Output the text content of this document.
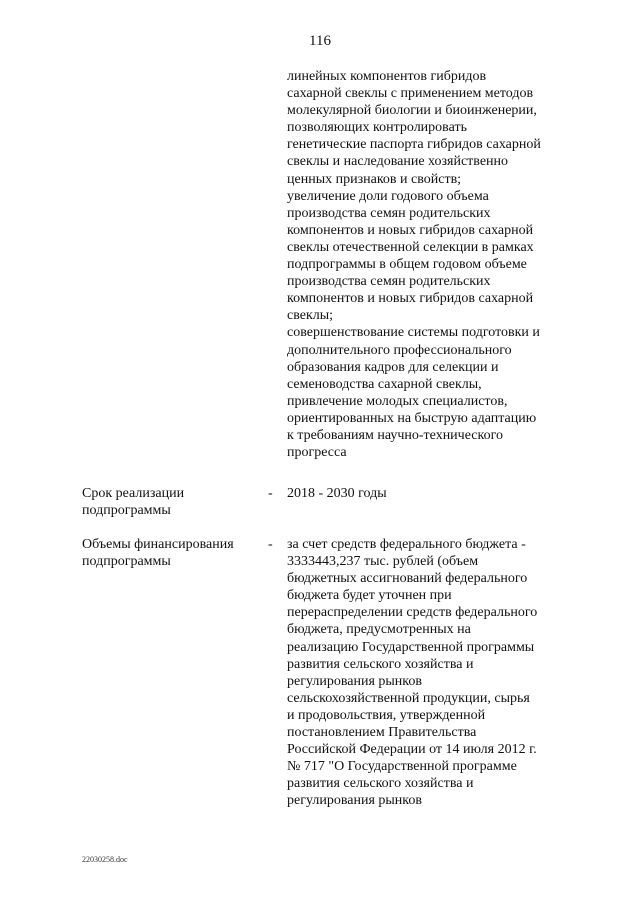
116
линейных компонентов гибридов
сахарной свеклы с применением методов
молекулярной биологии и биоинженерии,
позволяющих контролировать
генетические паспорта гибридов сахарной
свеклы и наследование хозяйственно
ценных признаков и свойств;
увеличение доли годового объема
производства семян родительских
компонентов и новых гибридов сахарной
свеклы отечественной селекции в рамках
подпрограммы в общем годовом объеме
производства семян родительских
компонентов и новых гибридов сахарной
свеклы;
совершенствование системы подготовки и
дополнительного профессионального
образования кадров для селекции и
семеноводства сахарной свеклы,
привлечение молодых специалистов,
ориентированных на быструю адаптацию
к требованиям научно-технического
прогресса
Срок реализации
подпрограммы
- 2018 - 2030 годы
Объемы финансирования
подпрограммы
- за счет средств федерального бюджета -
3333443,237 тыс. рублей (объем
бюджетных ассигнований федерального
бюджета будет уточнен при
перераспределении средств федерального
бюджета, предусмотренных на
реализацию Государственной программы
развития сельского хозяйства и
регулирования рынков
сельскохозяйственной продукции, сырья
и продовольствия, утвержденной
постановлением Правительства
Российской Федерации от 14 июля 2012 г.
№ 717 "О Государственной программе
развития сельского хозяйства и
регулирования рынков
22030258.doc
